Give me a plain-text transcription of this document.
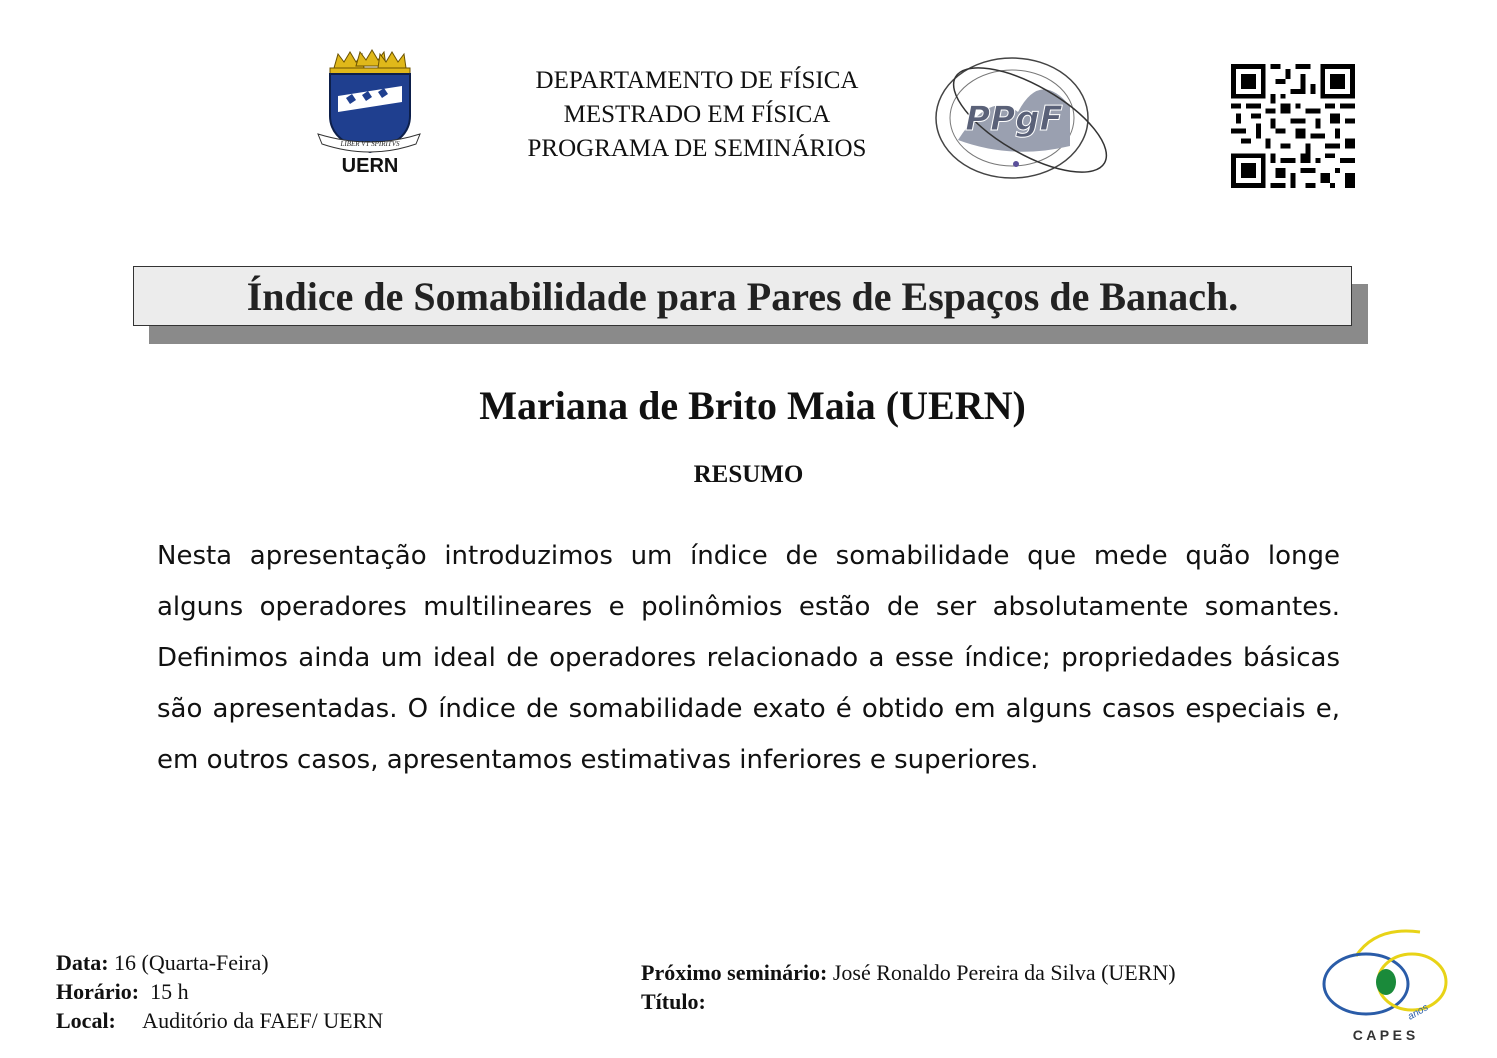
LIBER VT SPIRITVS
UERN
DEPARTAMENTO DE FÍSICA
MESTRADO EM FÍSICA
PROGRAMA DE SEMINÁRIOS
PPgF
Índice de Somabilidade para Pares de Espaços de Banach.
Mariana de Brito Maia (UERN)
RESUMO

Nesta apresentação introduzimos um índice de somabilidade que mede quão longe alguns operadores multilineares e polinômios estão de ser absolutamente somantes. Definimos ainda um ideal de operadores relacionado a esse índice; propriedades básicas são apresentadas. O índice de somabilidade exato é obtido em alguns casos especiais e, em outros casos, apresentamos estimativas inferiores e superiores.

Data: 16 (Quarta-Feira)
Horário:  15 h
Local:     Auditório da FAEF/ UERN
Próximo seminário: José Ronaldo Pereira da Silva (UERN)
Título:	anos
C A P E S
